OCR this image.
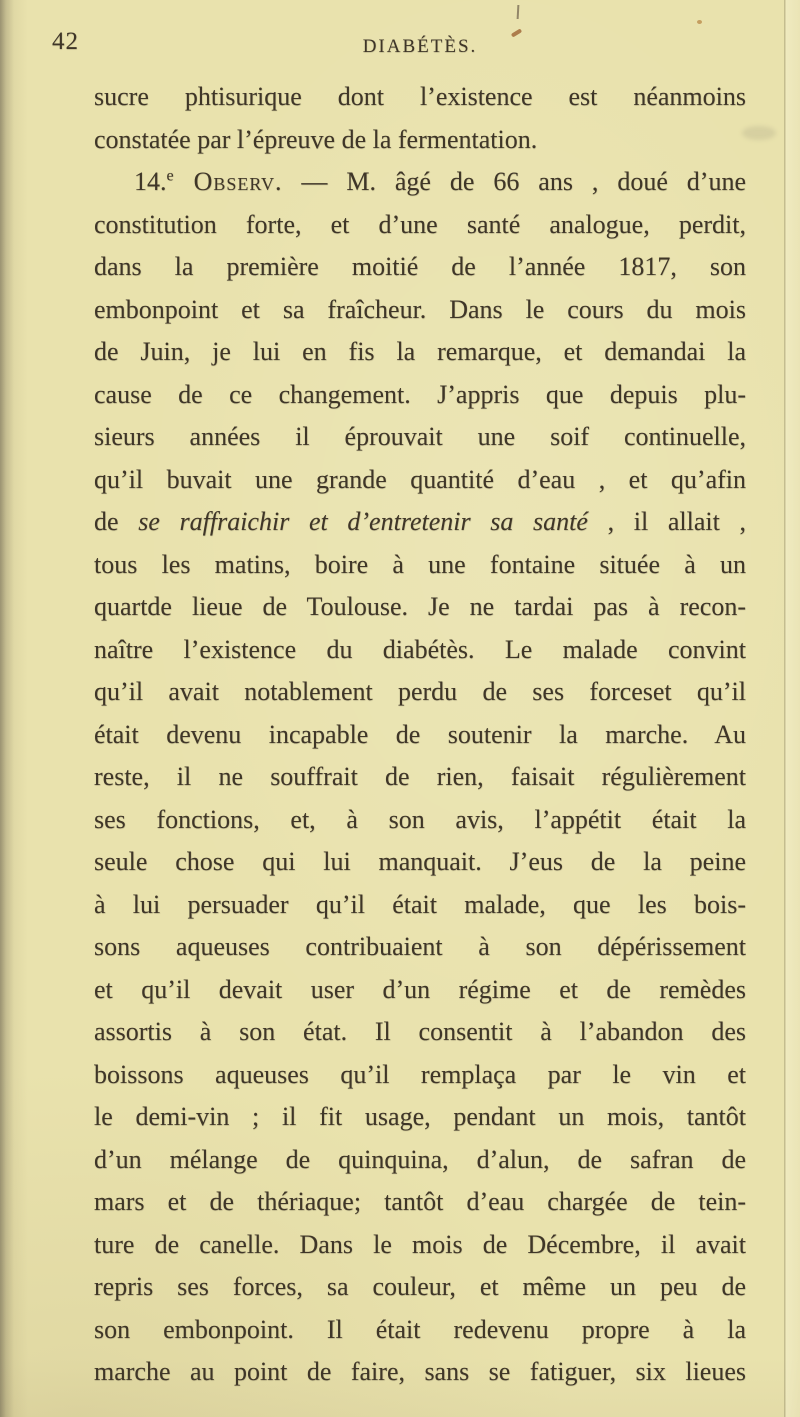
42	DIABÉTÈS.
sucre phtisurique dont l’existence est néanmoins
constatée par l’épreuve de la fermentation.
14.$^e$ Observ. — M. âgé de 66 ans , doué d’une
constitution forte, et d’une santé analogue, perdit,
dans la première moitié de l’année 1817, son
embonpoint et sa fraîcheur. Dans le cours du mois
de Juin, je lui en fis la remarque, et demandai la
cause de ce changement. J’appris que depuis plu-
sieurs années il éprouvait une soif continuelle,
qu’il buvait une grande quantité d’eau , et qu’afin
de se raffraichir et d’entretenir sa santé , il allait ,
tous les matins, boire à une fontaine située à un
quartde lieue de Toulouse. Je ne tardai pas à recon-
naître l’existence du diabétès. Le malade convint
qu’il avait notablement perdu de ses forceset qu’il
était devenu incapable de soutenir la marche. Au
reste, il ne souffrait de rien, faisait régulièrement
ses fonctions, et, à son avis, l’appétit était la
seule chose qui lui manquait. J’eus de la peine
à lui persuader qu’il était malade, que les bois-
sons aqueuses contribuaient à son dépérissement
et qu’il devait user d’un régime et de remèdes
assortis à son état. Il consentit à l’abandon des
boissons aqueuses qu’il remplaça par le vin et
le demi-vin ; il fit usage, pendant un mois, tantôt
d’un mélange de quinquina, d’alun, de safran de
mars et de thériaque; tantôt d’eau chargée de tein-
ture de canelle. Dans le mois de Décembre, il avait
repris ses forces, sa couleur, et même un peu de
son embonpoint. Il était redevenu propre à la
marche au point de faire, sans se fatiguer, six lieues
